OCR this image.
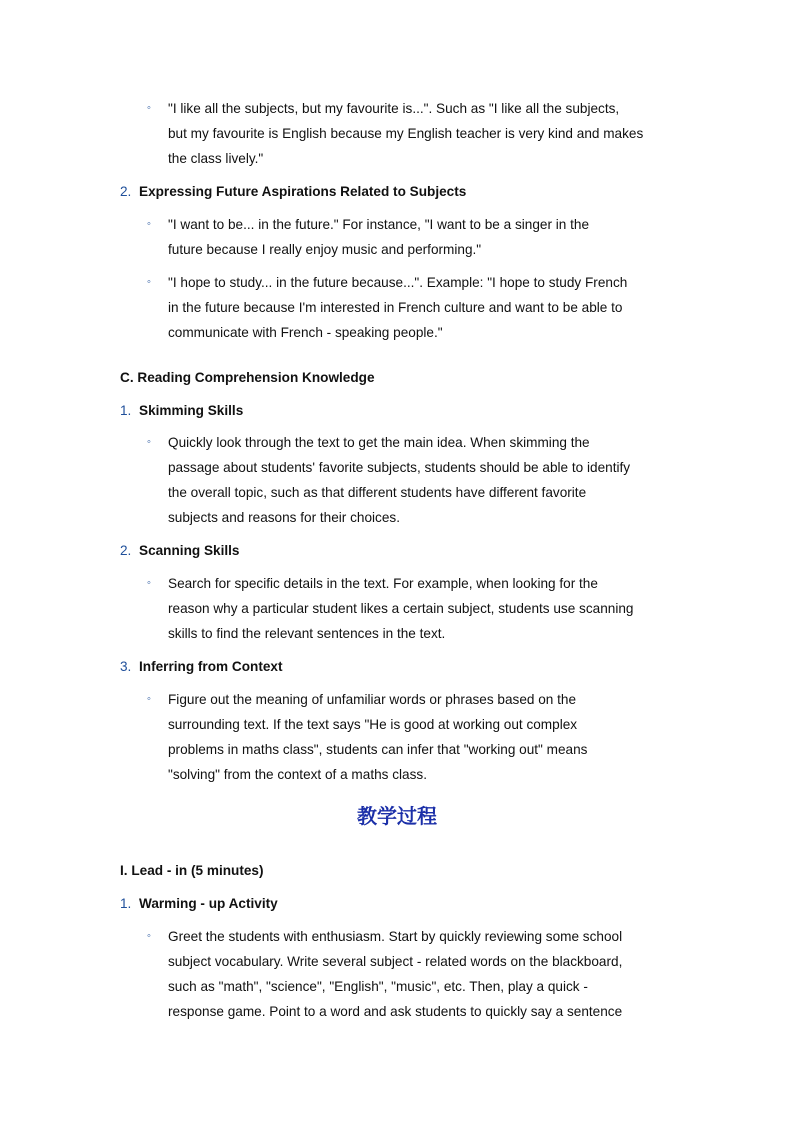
◦ "I like all the subjects, but my favourite is...". Such as "I like all the subjects,
but my favourite is English because my English teacher is very kind and makes
the class lively."
2. Expressing Future Aspirations Related to Subjects
◦ "I want to be... in the future." For instance, "I want to be a singer in the
future because I really enjoy music and performing."
◦ "I hope to study... in the future because...". Example: "I hope to study French
in the future because I'm interested in French culture and want to be able to
communicate with French - speaking people."
C. Reading Comprehension Knowledge
1. Skimming Skills
◦ Quickly look through the text to get the main idea. When skimming the
passage about students' favorite subjects, students should be able to identify
the overall topic, such as that different students have different favorite
subjects and reasons for their choices.
2. Scanning Skills
◦ Search for specific details in the text. For example, when looking for the
reason why a particular student likes a certain subject, students use scanning
skills to find the relevant sentences in the text.
3. Inferring from Context
◦ Figure out the meaning of unfamiliar words or phrases based on the
surrounding text. If the text says "He is good at working out complex
problems in maths class", students can infer that "working out" means
"solving" from the context of a maths class.
教学过程
I. Lead - in (5 minutes)
1. Warming - up Activity
◦ Greet the students with enthusiasm. Start by quickly reviewing some school
subject vocabulary. Write several subject - related words on the blackboard,
such as "math", "science", "English", "music", etc. Then, play a quick -
response game. Point to a word and ask students to quickly say a sentence
